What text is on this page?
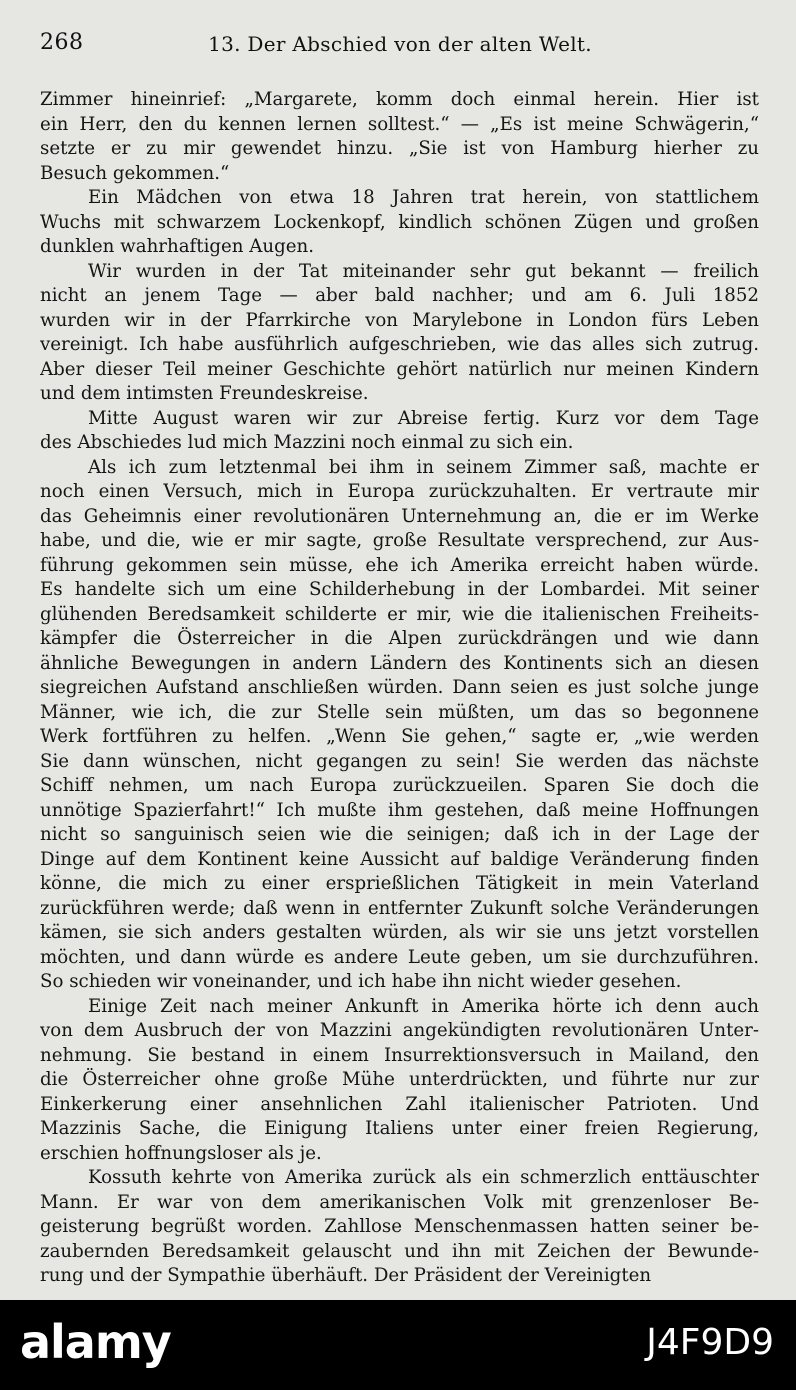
268	13. Der Abschied von der alten Welt.
Zimmer hineinrief: „Margarete, komm doch einmal herein. Hier ist
ein Herr, den du kennen lernen solltest.“ — „Es ist meine Schwägerin,“
setzte er zu mir gewendet hinzu. „Sie ist von Hamburg hierher zu
Besuch gekommen.“
Ein Mädchen von etwa 18 Jahren trat herein, von stattlichem
Wuchs mit schwarzem Lockenkopf, kindlich schönen Zügen und großen
dunklen wahrhaftigen Augen.
Wir wurden in der Tat miteinander sehr gut bekannt — freilich
nicht an jenem Tage — aber bald nachher; und am 6. Juli 1852
wurden wir in der Pfarrkirche von Marylebone in London fürs Leben
vereinigt. Ich habe ausführlich aufgeschrieben, wie das alles sich zutrug.
Aber dieser Teil meiner Geschichte gehört natürlich nur meinen Kindern
und dem intimsten Freundeskreise.
Mitte August waren wir zur Abreise fertig. Kurz vor dem Tage
des Abschiedes lud mich Mazzini noch einmal zu sich ein.
Als ich zum letztenmal bei ihm in seinem Zimmer saß, machte er
noch einen Versuch, mich in Europa zurückzuhalten. Er vertraute mir
das Geheimnis einer revolutionären Unternehmung an, die er im Werke
habe, und die, wie er mir sagte, große Resultate versprechend, zur Aus-
führung gekommen sein müsse, ehe ich Amerika erreicht haben würde.
Es handelte sich um eine Schilderhebung in der Lombardei. Mit seiner
glühenden Beredsamkeit schilderte er mir, wie die italienischen Freiheits-
kämpfer die Österreicher in die Alpen zurückdrängen und wie dann
ähnliche Bewegungen in andern Ländern des Kontinents sich an diesen
siegreichen Aufstand anschließen würden. Dann seien es just solche junge
Männer, wie ich, die zur Stelle sein müßten, um das so begonnene
Werk fortführen zu helfen. „Wenn Sie gehen,“ sagte er, „wie werden
Sie dann wünschen, nicht gegangen zu sein! Sie werden das nächste
Schiff nehmen, um nach Europa zurückzueilen. Sparen Sie doch die
unnötige Spazierfahrt!“ Ich mußte ihm gestehen, daß meine Hoffnungen
nicht so sanguinisch seien wie die seinigen; daß ich in der Lage der
Dinge auf dem Kontinent keine Aussicht auf baldige Veränderung finden
könne, die mich zu einer ersprießlichen Tätigkeit in mein Vaterland
zurückführen werde; daß wenn in entfernter Zukunft solche Veränderungen
kämen, sie sich anders gestalten würden, als wir sie uns jetzt vorstellen
möchten, und dann würde es andere Leute geben, um sie durchzuführen.
So schieden wir voneinander, und ich habe ihn nicht wieder gesehen.
Einige Zeit nach meiner Ankunft in Amerika hörte ich denn auch
von dem Ausbruch der von Mazzini angekündigten revolutionären Unter-
nehmung. Sie bestand in einem Insurrektionsversuch in Mailand, den
die Österreicher ohne große Mühe unterdrückten, und führte nur zur
Einkerkerung einer ansehnlichen Zahl italienischer Patrioten. Und
Mazzinis Sache, die Einigung Italiens unter einer freien Regierung,
erschien hoffnungsloser als je.
Kossuth kehrte von Amerika zurück als ein schmerzlich enttäuschter
Mann. Er war von dem amerikanischen Volk mit grenzenloser Be-
geisterung begrüßt worden. Zahllose Menschenmassen hatten seiner be-
zaubernden Beredsamkeit gelauscht und ihn mit Zeichen der Bewunde-
rung und der Sympathie überhäuft. Der Präsident der Vereinigten
alamy	J4F9D9
